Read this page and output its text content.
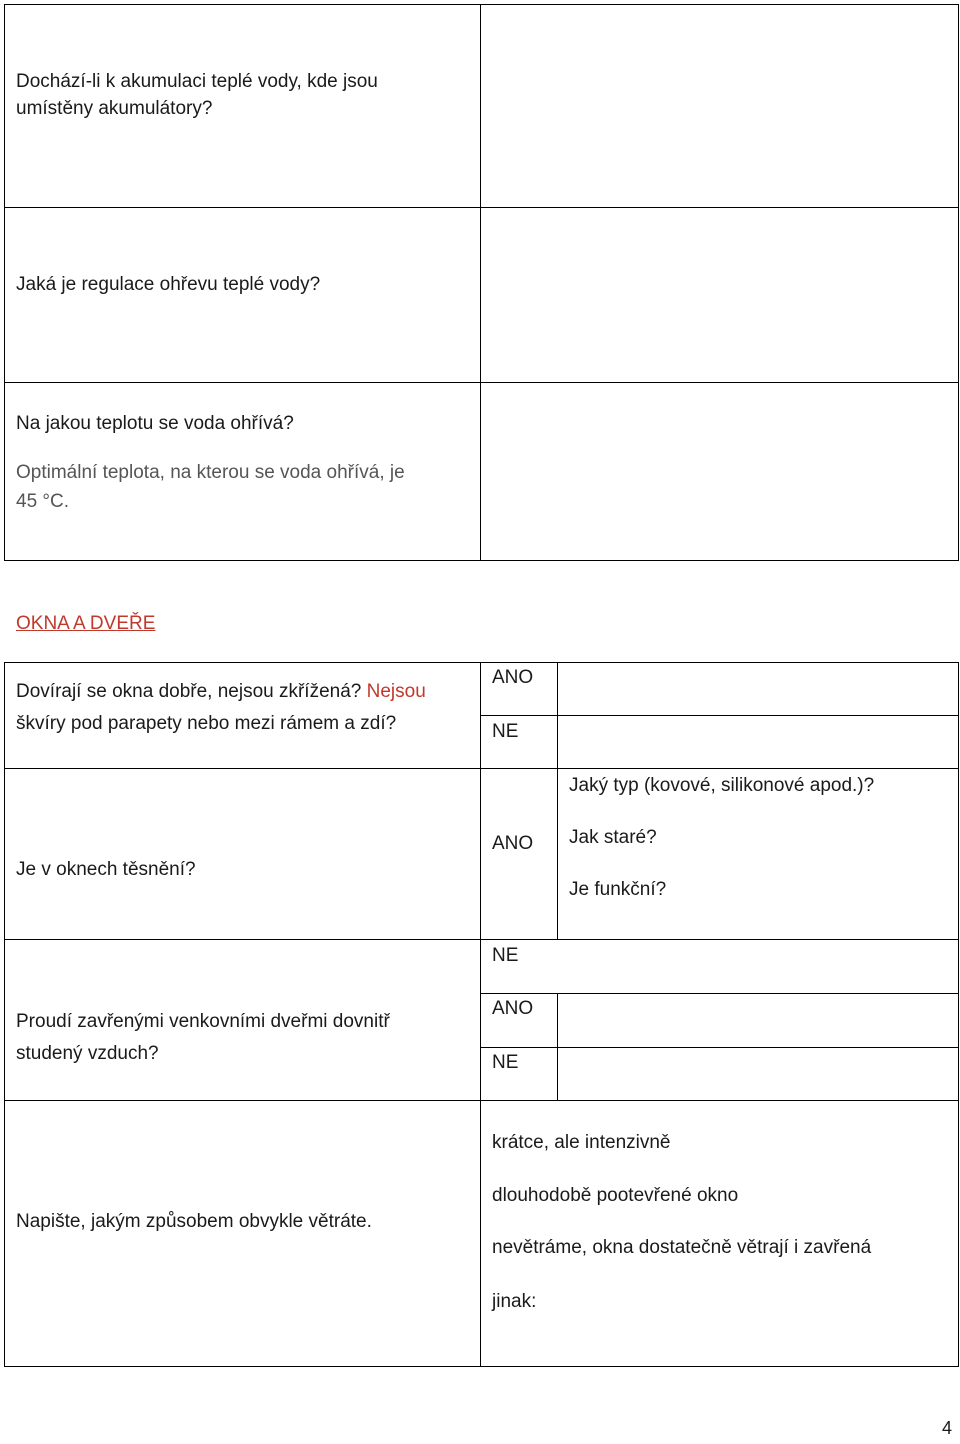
Dochází-li k akumulaci teplé vody, kde jsou
umístěny akumulátory?
Jaká je regulace ohřevu teplé vody?
Na jakou teplotu se voda ohřívá?
Optimální teplota, na kterou se voda ohřívá, je
45 °C.
OKNA A DVEŘE
Dovírají se okna dobře, nejsou zkřížená? Nejsou
škvíry pod parapety nebo mezi rámem a zdí?
ANO
NE
Je v oknech těsnění?
ANO
Jaký typ (kovové, silikonové apod.)?
Jak staré?
Je funkční?
NE
Proudí zavřenými venkovními dveřmi dovnitř
studený vzduch?
ANO
NE
Napište, jakým způsobem obvykle větráte.
krátce, ale intenzivně
dlouhodobě pootevřené okno
nevětráme, okna dostatečně větrají i zavřená
jinak:
4
